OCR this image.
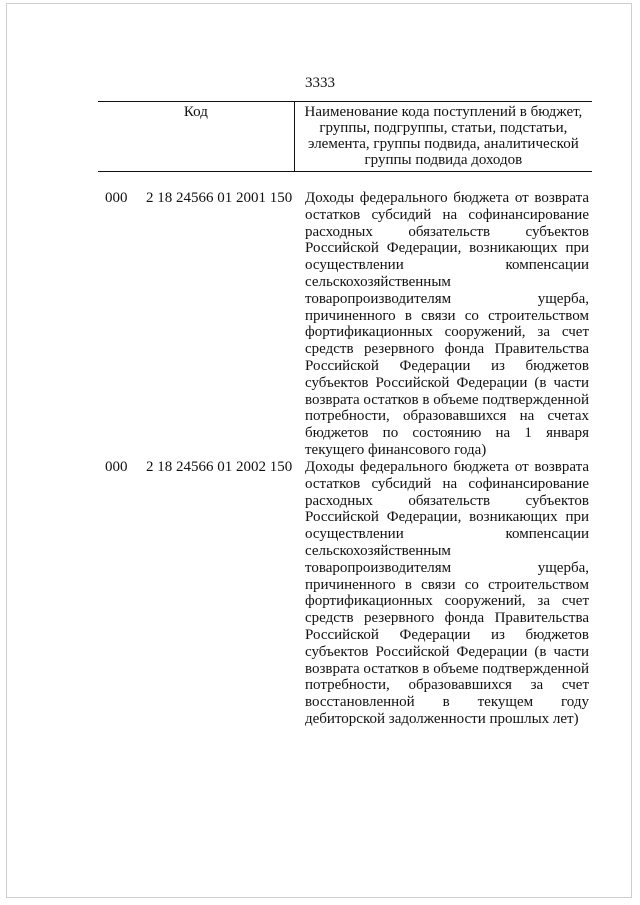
3333
Код	Наименование кода поступлений в бюджет, группы, подгруппы, статьи, подстатьи, элемента, группы подвида, аналитической группы подвида доходов
000 2 18 24566 01 2001 150 Доходы федерального бюджета от возврата остатков субсидий на софинансирование расходных обязательств субъектов Российской Федерации, возникающих при осуществлении компенсации сельскохозяйственным товаропроизводителям ущерба, причиненного в связи со строительством фортификационных сооружений, за счет средств резервного фонда Правительства Российской Федерации из бюджетов субъектов Российской Федерации (в части возврата остатков в объеме подтвержденной потребности, образовавшихся на счетах бюджетов по состоянию на 1 января текущего финансового года)
000 2 18 24566 01 2002 150 Доходы федерального бюджета от возврата остатков субсидий на софинансирование расходных обязательств субъектов Российской Федерации, возникающих при осуществлении компенсации сельскохозяйственным товаропроизводителям ущерба, причиненного в связи со строительством фортификационных сооружений, за счет средств резервного фонда Правительства Российской Федерации из бюджетов субъектов Российской Федерации (в части возврата остатков в объеме подтвержденной потребности, образовавшихся за счет восстановленной в текущем году дебиторской задолженности прошлых лет)
